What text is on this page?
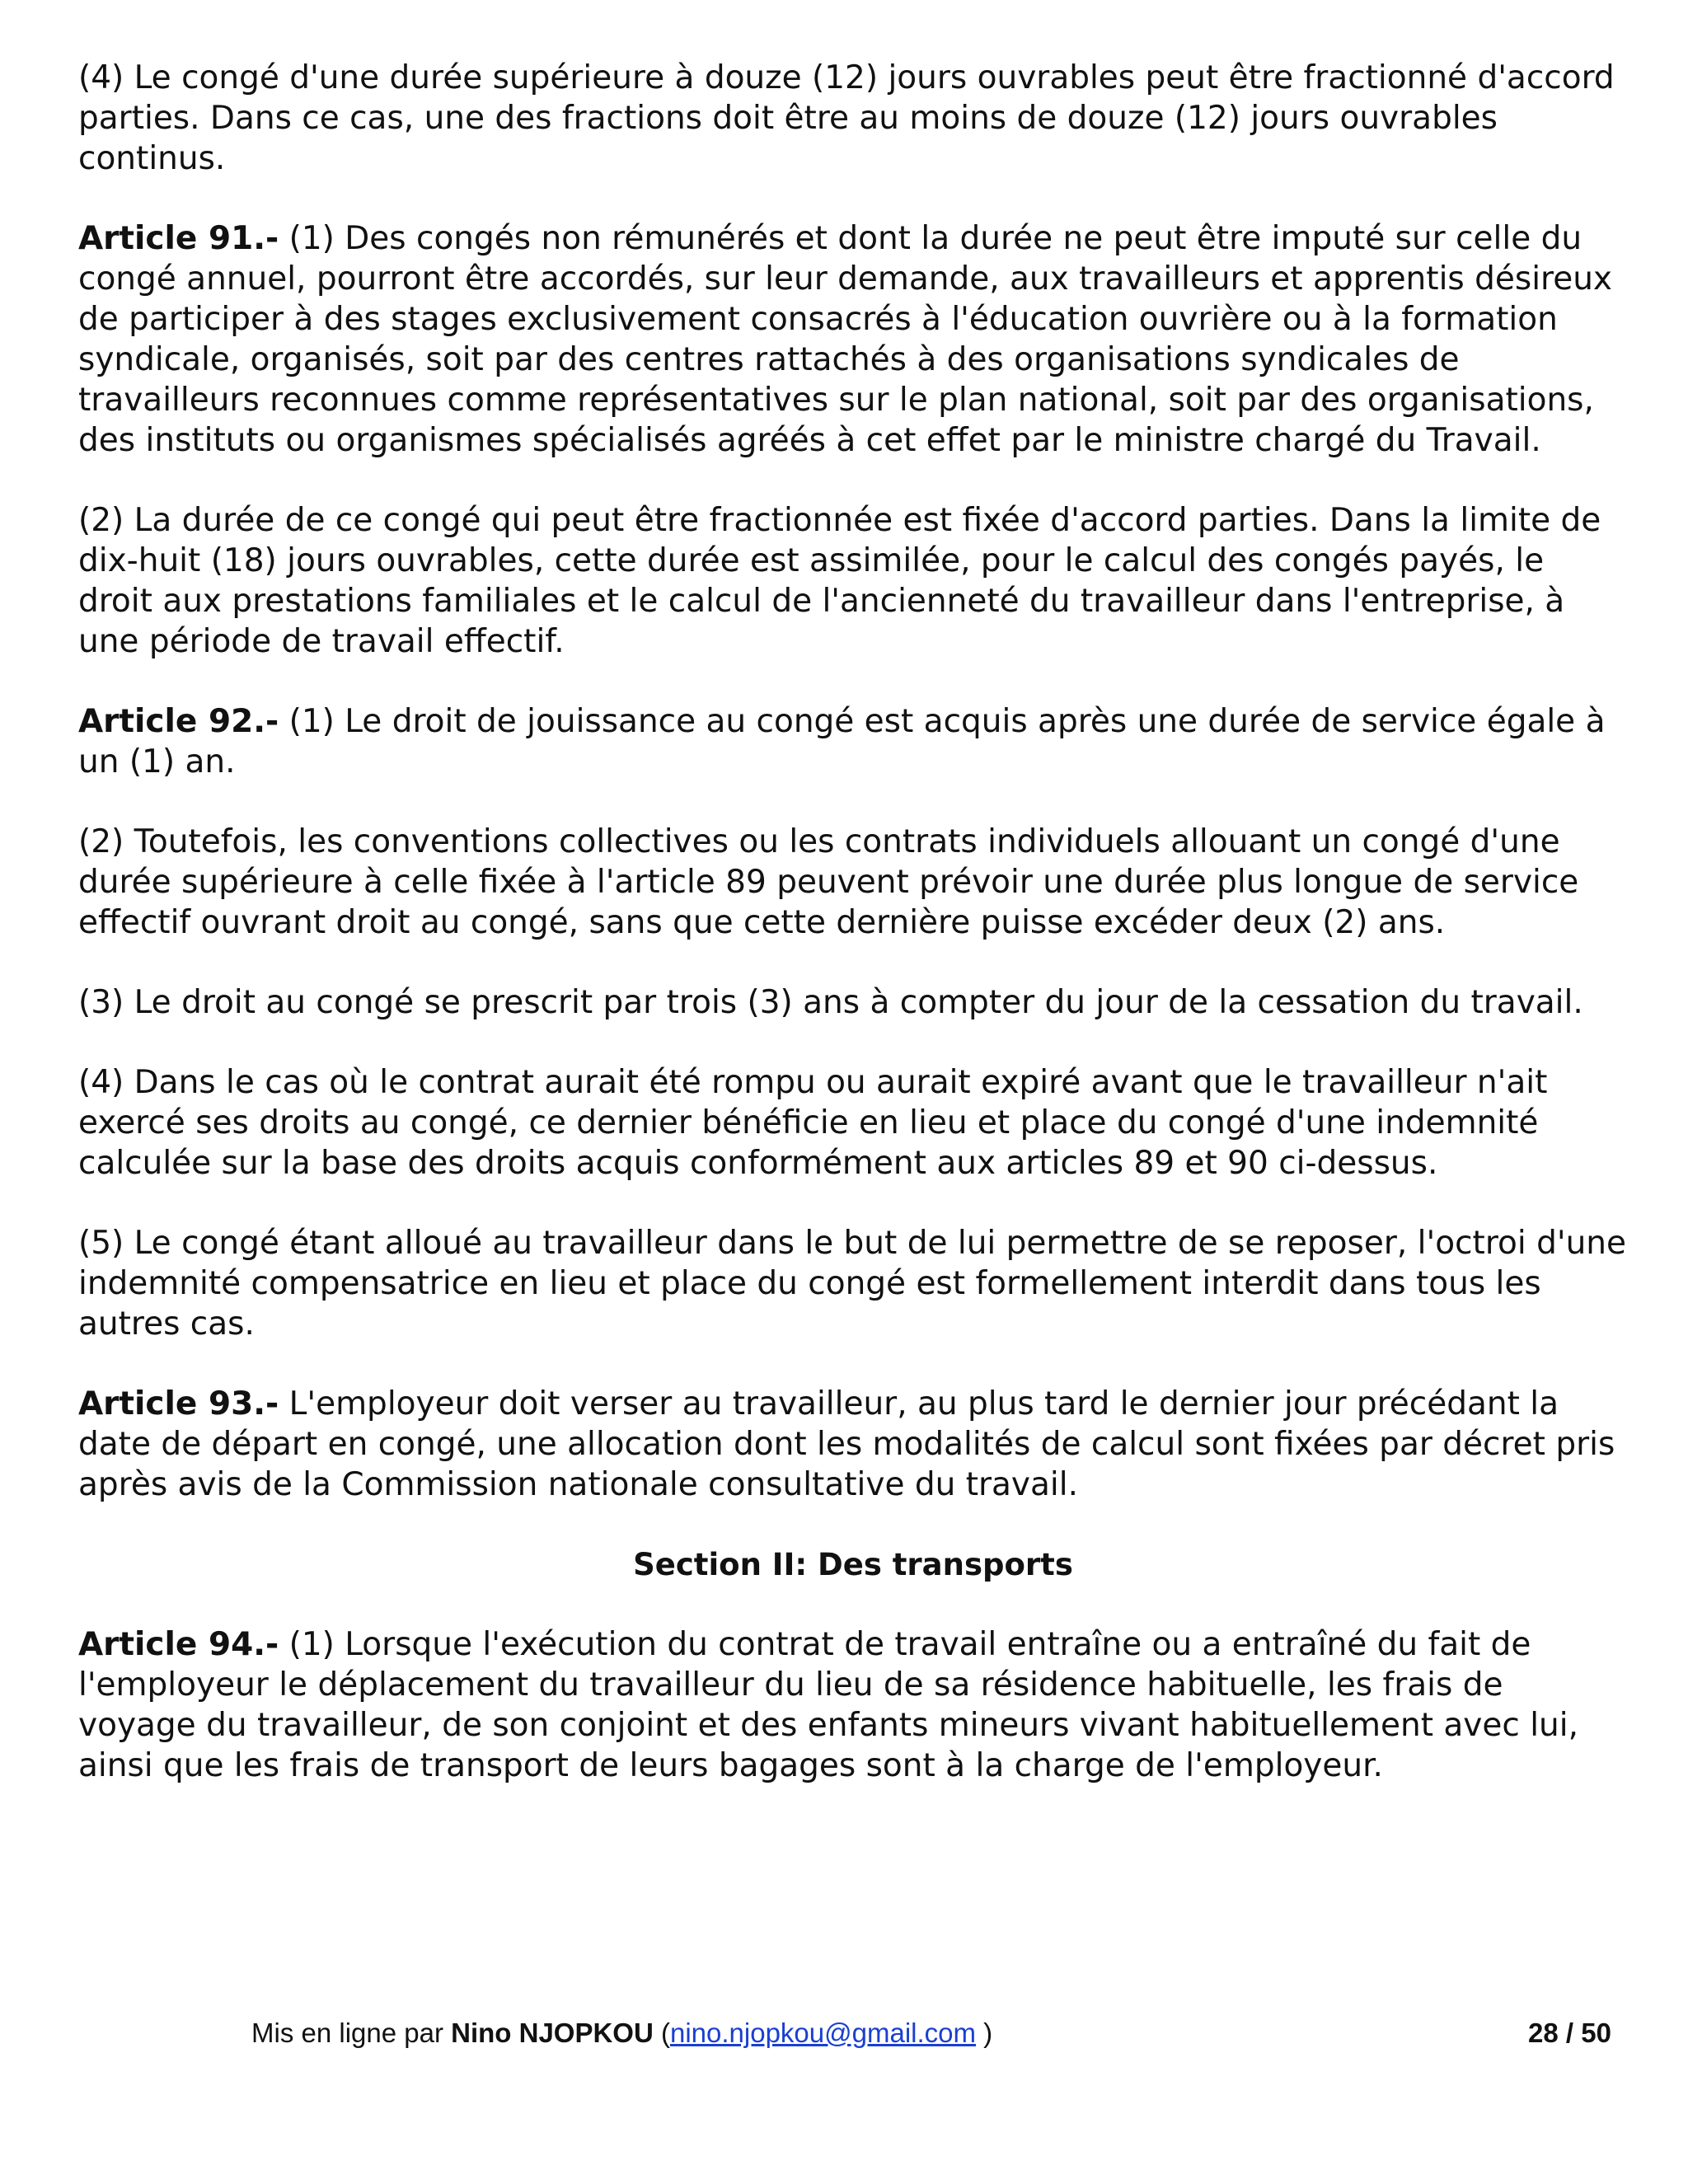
(4) Le congé d'une durée supérieure à douze (12) jours ouvrables peut être fractionné d'accord parties. Dans ce cas, une des fractions doit être au moins de douze (12) jours ouvrables continus.

Article 91.- (1) Des congés non rémunérés et dont la durée ne peut être imputé sur celle du congé annuel, pourront être accordés, sur leur demande, aux travailleurs et apprentis désireux de participer à des stages exclusivement consacrés à l'éducation ouvrière ou à la formation syndicale, organisés, soit par des centres rattachés à des organisations syndicales de travailleurs reconnues comme représentatives sur le plan national, soit par des organisations, des instituts ou organismes spécialisés agréés à cet effet par le ministre chargé du Travail.

(2) La durée de ce congé qui peut être fractionnée est fixée d'accord parties. Dans la limite de dix-huit (18) jours ouvrables, cette durée est assimilée, pour le calcul des congés payés, le droit aux prestations familiales et le calcul de l'ancienneté du travailleur dans l'entreprise, à une période de travail effectif.

Article 92.- (1) Le droit de jouissance au congé est acquis après une durée de service égale à un (1) an.

(2) Toutefois, les conventions collectives ou les contrats individuels allouant un congé d'une durée supérieure à celle fixée à l'article 89 peuvent prévoir une durée plus longue de service effectif ouvrant droit au congé, sans que cette dernière puisse excéder deux (2) ans.

(3) Le droit au congé se prescrit par trois (3) ans à compter du jour de la cessation du travail.

(4) Dans le cas où le contrat aurait été rompu ou aurait expiré avant que le travailleur n'ait exercé ses droits au congé, ce dernier bénéficie en lieu et place du congé d'une indemnité calculée sur la base des droits acquis conformément aux articles 89 et 90 ci-dessus.

(5) Le congé étant alloué au travailleur dans le but de lui permettre de se reposer, l'octroi d'une indemnité compensatrice en lieu et place du congé est formellement interdit dans tous les autres cas.

Article 93.- L'employeur doit verser au travailleur, au plus tard le dernier jour précédant la date de départ en congé, une allocation dont les modalités de calcul sont fixées par décret pris après avis de la Commission nationale consultative du travail.

Section II: Des transports

Article 94.- (1) Lorsque l'exécution du contrat de travail entraîne ou a entraîné du fait de l'employeur le déplacement du travailleur du lieu de sa résidence habituelle, les frais de voyage du travailleur, de son conjoint et des enfants mineurs vivant habituellement avec lui, ainsi que les frais de transport de leurs bagages sont à la charge de l'employeur.

Mis en ligne par Nino NJOPKOU (nino.njopkou@gmail.com )	28 / 50
